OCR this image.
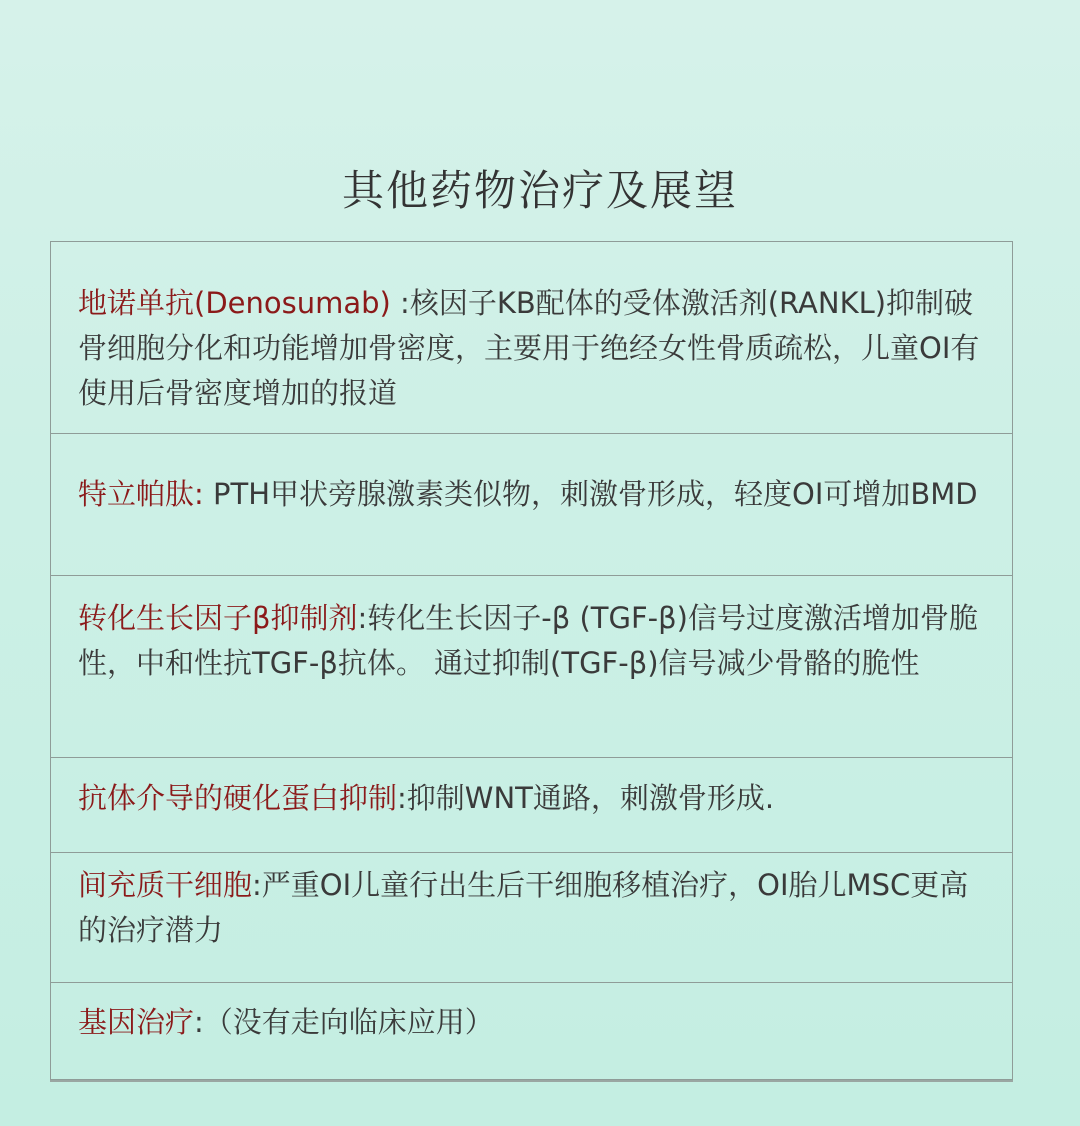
其他药物治疗及展望
地诺单抗(Denosumab) :核因子KB配体的受体激活剂(RANKL)抑制破骨细胞分化和功能增加骨密度，主要用于绝经女性骨质疏松，儿童OI有使用后骨密度增加的报道
特立帕肽: PTH甲状旁腺激素类似物，刺激骨形成，轻度OI可增加BMD
转化生长因子β抑制剂:转化生长因子-β (TGF-β)信号过度激活增加骨脆性，中和性抗TGF-β抗体。 通过抑制(TGF-β)信号减少骨骼的脆性
抗体介导的硬化蛋白抑制:抑制WNT通路，刺激骨形成.
间充质干细胞:严重OI儿童行出生后干细胞移植治疗，OI胎儿MSC更高的治疗潜力
基因治疗:（没有走向临床应用）
